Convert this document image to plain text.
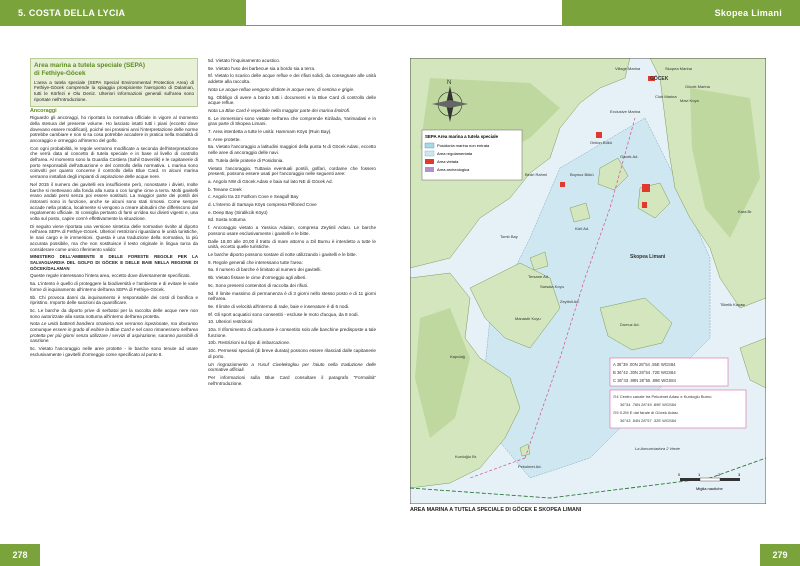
5. COSTA DELLA LYCIA
Area marina a tutela speciale (SEPA)
di Fethiye-Göcek
L'area a tutela speciale (SEPA Special Environmental Protection Area) di Fethiye-Göcek comprende la spiaggia prospiciente l'aeroporto di Dalaman, tutti le Körfezi e Olu Deniz. Ulteriori informazioni generali sull'area sono riportate nell'Introduzione.
Ancoraggi

Riguardo gli ancoraggi, ho riportato la normativa ufficiale in vigore al momento della stesura del presente volume. Ho lasciato intatti tutti i piani (eccetto dove dovevano essere modificati), poiché nei prossimi anni l'interpretazione delle norme potrebbe cambiare e non si sa cosa potrebbe accadere in pratica nella modalità di ancoraggio e ormeggio all'interno del golfo.

Con ogni probabilità, le regole verranno modificate a seconda dell'interpretazione che verrà data al concetto di tutela speciale e in base al livello di controllo dell'area. Al momento sono la Guardia Costiera (Sahil Güvenlik) e le capitanerie di porto responsabili dell'attuazione e del controllo della normativa. L marina sono coinvolti per quanto concerne il controllo della Blue Card. In alcuni marina verranno installati degli impianti di aspirazione delle acque nere.

Nel 2015 il numero dei gavitelli era insufficiente però, nonostante i divieti, molte barche si mettevano alla fonda alla ruota o con lunghe cime a terra. Molti gavitelli erano andati persi senza poi essere sostituiti. La maggior parte dei pontili dei ristoranti sono in funzione, anche se alcuni sono stati rimossi. Come sempre accade nella pratica, localmente si vengono a creare abitudini che differiscono dal regolamento ufficiale. Si consiglia pertanto di farsi un'idea sui divieti vigenti e, una volta sul posto, capire com'è effettivamente la situazione.

Di seguito viene riportata una versione sintetica delle normative rivolte al diporto nell'area SEPA di Fethiye-Göcek. Ulteriori restrizioni riguardano le unità turistiche, le navi cargo e le immersioni. Questa è una traduzione della normativa, la più accurata possibile, ma che non sostituisce il testo originale in lingua turca da considerare come unico riferimento valido:

MINISTERO DELL'AMBIENTE E DELLE FORESTE REGOLE PER LA SALVAGUARDIA DEL GOLFO DI GÖCEK E DELLE BAIE NELLA REGIONE DI GÖCEK/DALAMAN

Queste regole interessano l'intera area, eccetto dove diversamente specificato.

5a. L'intento è quello di proteggere la biodiversità e l'ambiente e di evitare le varie forme di inquinamento all'interno dell'area SEPA di Fethiye-Göcek.

5b. Chi provoca danni da inquinamento è responsabile dei costi di bonifica e ripristino. Importo delle sanzioni da quantificare.

5c. Le barche da diporto prive di serbatoi per la raccolta delle acque nere non sono autorizzate alla sosta notturna all'interno dell'area protetta.

Nota Le unità battenti bandiera straniera non verranno ispezionate, ma dovranno comunque essere in grado di esibire la Blue Card e nel caso rimanessero nell'area protetta per più giorni senza utilizzare i servizi di aspirazione, saranno passibili di sanzione.

5c. Vietato l'ancoraggio nelle aree protette - le barche sono tenute ad usare esclusivamente i gavitelli d'ormeggio come specificato al punto 8.

5d. Vietato l'inquinamento acustico.

5e. Vietato l'uso dei barbecue sia a bordo sia a terra.

5f. Vietato lo scarico delle acque reflue e dei rifiuti solidi, da consegnare alle unità addette alla raccolta.

Nota Le acque reflue vengono distinte in acque nere, di sentina e grigie.

5g. Obbligo di avere a bordo tutti i documenti e la Blue Card di controllo delle acque reflue.

Nota La Blue Card è reperibile nella maggior parte dei marina limitrofi.

6. Le immersioni sono vietate nell'area che comprende Kizilada, Yarimadasi e in gran parte di Skopea Limani.

7. Area interdetta a tutte le unità: Hammam Köyü (Ruin Bay).

8. Aree protette.

8a. Vietato l'ancoraggio a latitudini maggiori della punta N di Göcek Adası, eccetto nelle aree di ancoraggio delle navi.

8b. Tutela delle praterie di Posidonia.

Vietato l'ancoraggio. Tuttavia eventuali pontili, golfari, cordame che fossero presenti, possono essere usati per l'ancoraggio nelle seguenti aree:

a. Angolo NW di Göcek Adası e baia sul lato NE di Göcek Ad.

b. Tenane Creek

c. Angolo tra 22 Fathom Cove e Seagull Bay

d. L'interno di Sarsaya Köyü compresa Pilforied Cove

e. Deep Bay (Siralikcik Köyü)

8d. Sosta notturna

f. Ancoraggio vietato a Yassica Adaları, compresa Zeytinli Adası. Le barche possono usare esclusivamente i gavitelli e le bitte.

Dalle 18,00 alle 20,00 il tratto di mare attorno a Dil Burnu è interdetto a tutte le unità, eccetto quelle turistiche.

Le barche diporto possono sostare di notte utilizzando i gavitelli e le bitte.

9. Regole generali che interessano tutte l'area:

9a. Il numero di barche è limitato al numero dei gavitelli.

9b. Vietato fissare le cime d'ormeggio agli alberi.

9c. Sono presenti contenitori di raccolta dei rifiuti.

9d. Il limite massimo di permanenza è di 3 giorni nello stesso posto e di 11 giorni nell'area.

9e. Il limite di velocità all'interno di rade, baie e insenature è di 6 nodi.

9f. Gli sport acquatici sono consentiti - escluse le moto d'acqua, da 8 nodi.

10. Ulteriori restrizioni

10a. Il rifornimento di carburante è consentito solo alle banchine predisposte a tale funzione.

10b. Restrizioni sul tipo di imbarcazione.

10c. Permessi speciali (di breve durata) possono essere rilasciati dalle capitanerie di porto.

Un ringraziamento a Yusuf Civelekoglou per l'aiuto nella traduzione delle normative ufficiali.

Per informazioni sulla Blue Card consultare il paragrafo "Formalità" nell'Introduzione.

278
Skopea Limani
N
SEPA Area marina a tutela speciale
Posidonia marina non entrata
Area regolamentata
Area vietata
Area archeologica
Village Marina	Skopea Marina
GÖCEK
Göcek Marina
Club Marina
Mavi Koya
Exclusive Marina
Göcek Ad.
Ontion Bükü
Bedri Rahmi	Boynuz Bükü
Kizil Ad.
Tersane Ad.
Tomb Bay
Skopea Limani
Domuz Ad.
Zeytinli Ad.
Kapıdağ
Pekolmet Ad.
Kurdoğlu Br.
Manastir Koyu
Sarsala Koyu
Tilkelik Kayası
Kara Br.
La Annunciadora 2 Vente
A 36°39 .00N 28°54 .55E WGS84
B 36°42 .30N 28°54 .72E WGS84
C 36°43 .99N 28°55 .89E WGS84
⊙4 Centro canale tra Pekolmet Adası e Kurdoglu Burnu
36°34 .76N 28°49 .89E WGS84
⊙5 0.2M E dal faraie di Göcek Adası
36°43 .54N 28°57 .32E WGS84
0	1	2	3
Miglia nautiche
AREA MARINA A TUTELA SPECIALE DI GÖCEK E SKOPEA LIMANI
279
